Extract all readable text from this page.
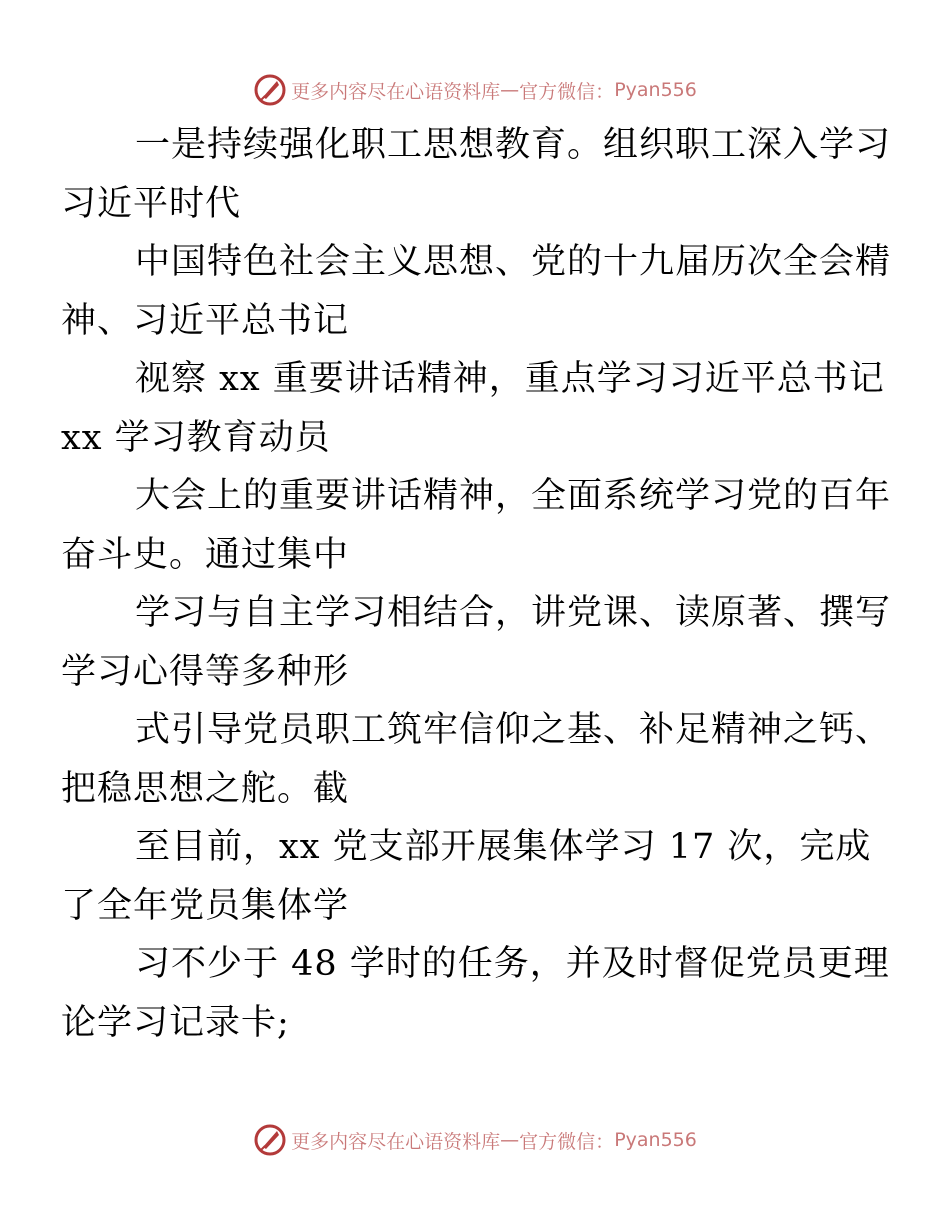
更多内容尽在心语资料库 — 官方微信： Pyan556

一是持续强化职工思想教育。组织职工深入学习
习近平时代

中国特色社会主义思想、党的十九届历次全会精
神、习近平总书记

视察 xx 重要讲话精神，重点学习习近平总书记
xx 学习教育动员

大会上的重要讲话精神，全面系统学习党的百年
奋斗史。通过集中

学习与自主学习相结合，讲党课、读原著、撰写
学习心得等多种形

式引导党员职工筑牢信仰之基、补足精神之钙、
把稳思想之舵。截

至目前，xx 党支部开展集体学习 17 次，完成
了全年党员集体学

习不少于 48 学时的任务，并及时督促党员更理
论学习记录卡;

更多内容尽在心语资料库 — 官方微信： Pyan556
